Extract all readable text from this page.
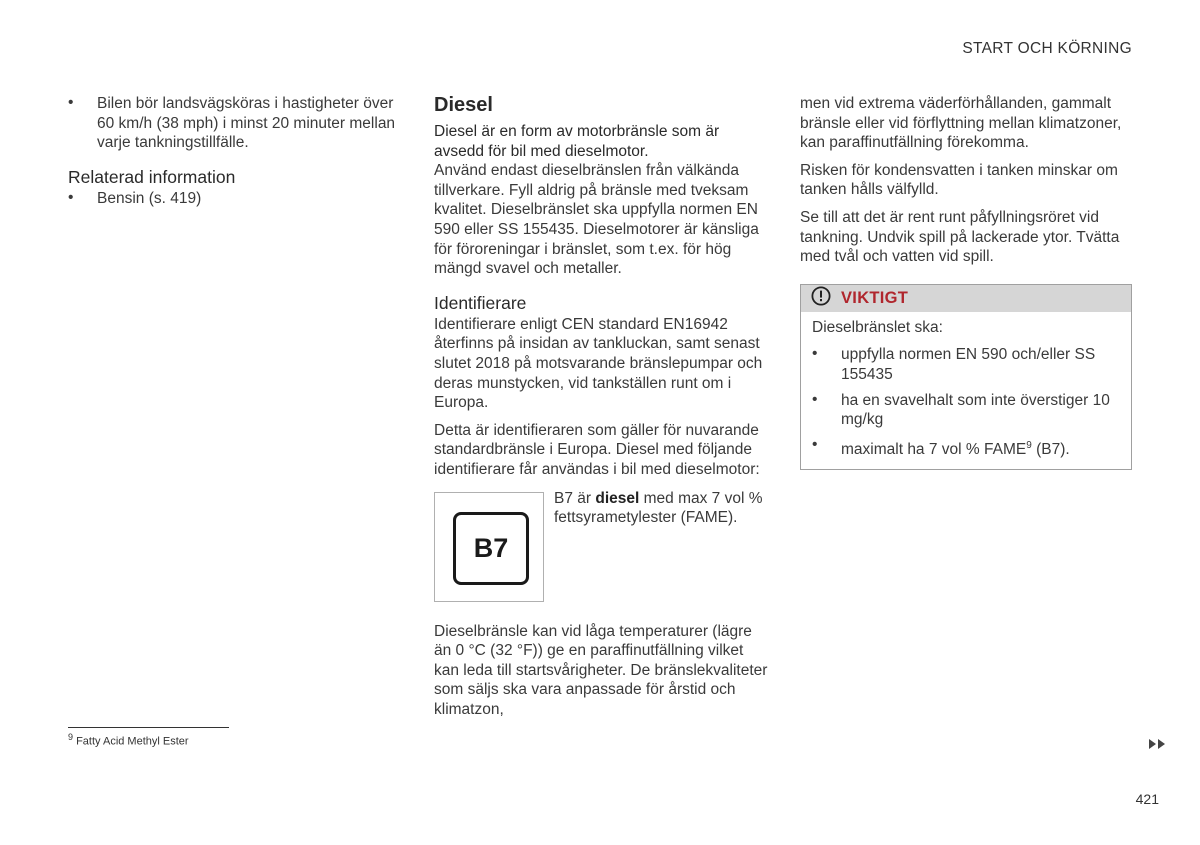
START OCH KÖRNING
• Bilen bör landsvägsköras i hastigheter över 60 km/h (38 mph) i minst 20 minuter mellan varje tankningstillfälle.

Relaterad information
• Bensin (s. 419)
Diesel

Diesel är en form av motorbränsle som är avsedd för bil med dieselmotor.

Använd endast dieselbränslen från välkända tillverkare. Fyll aldrig på bränsle med tveksam kvalitet. Dieselbränslet ska uppfylla normen EN 590 eller SS 155435. Dieselmotorer är känsliga för föroreningar i bränslet, som t.ex. för hög mängd svavel och metaller.

Identifierare

Identifierare enligt CEN standard EN16942 återfinns på insidan av tankluckan, samt senast slutet 2018 på motsvarande bränslepumpar och deras munstycken, vid tankställen runt om i Europa.

Detta är identifieraren som gäller för nuvarande standardbränsle i Europa. Diesel med följande identifierare får användas i bil med dieselmotor:

B7

B7 är diesel med max 7 vol % fettsyrametylester (FAME).

Dieselbränsle kan vid låga temperaturer (lägre än 0 °C (32 °F)) ge en paraffinutfällning vilket kan leda till startsvårigheter. De bränslekvaliteter som säljs ska vara anpassade för årstid och klimatzon,

men vid extrema väderförhållanden, gammalt bränsle eller vid förflyttning mellan klimatzoner, kan paraffinutfällning förekomma.

Risken för kondensvatten i tanken minskar om tanken hålls välfylld.

Se till att det är rent runt påfyllningsröret vid tankning. Undvik spill på lackerade ytor. Tvätta med tvål och vatten vid spill.

VIKTIGT

Dieselbränslet ska:

• uppfylla normen EN 590 och/eller SS 155435

• ha en svavelhalt som inte överstiger 10 mg/kg

• maximalt ha 7 vol % FAME$^9$ (B7).

$^9$ Fatty Acid Methyl Ester
421
